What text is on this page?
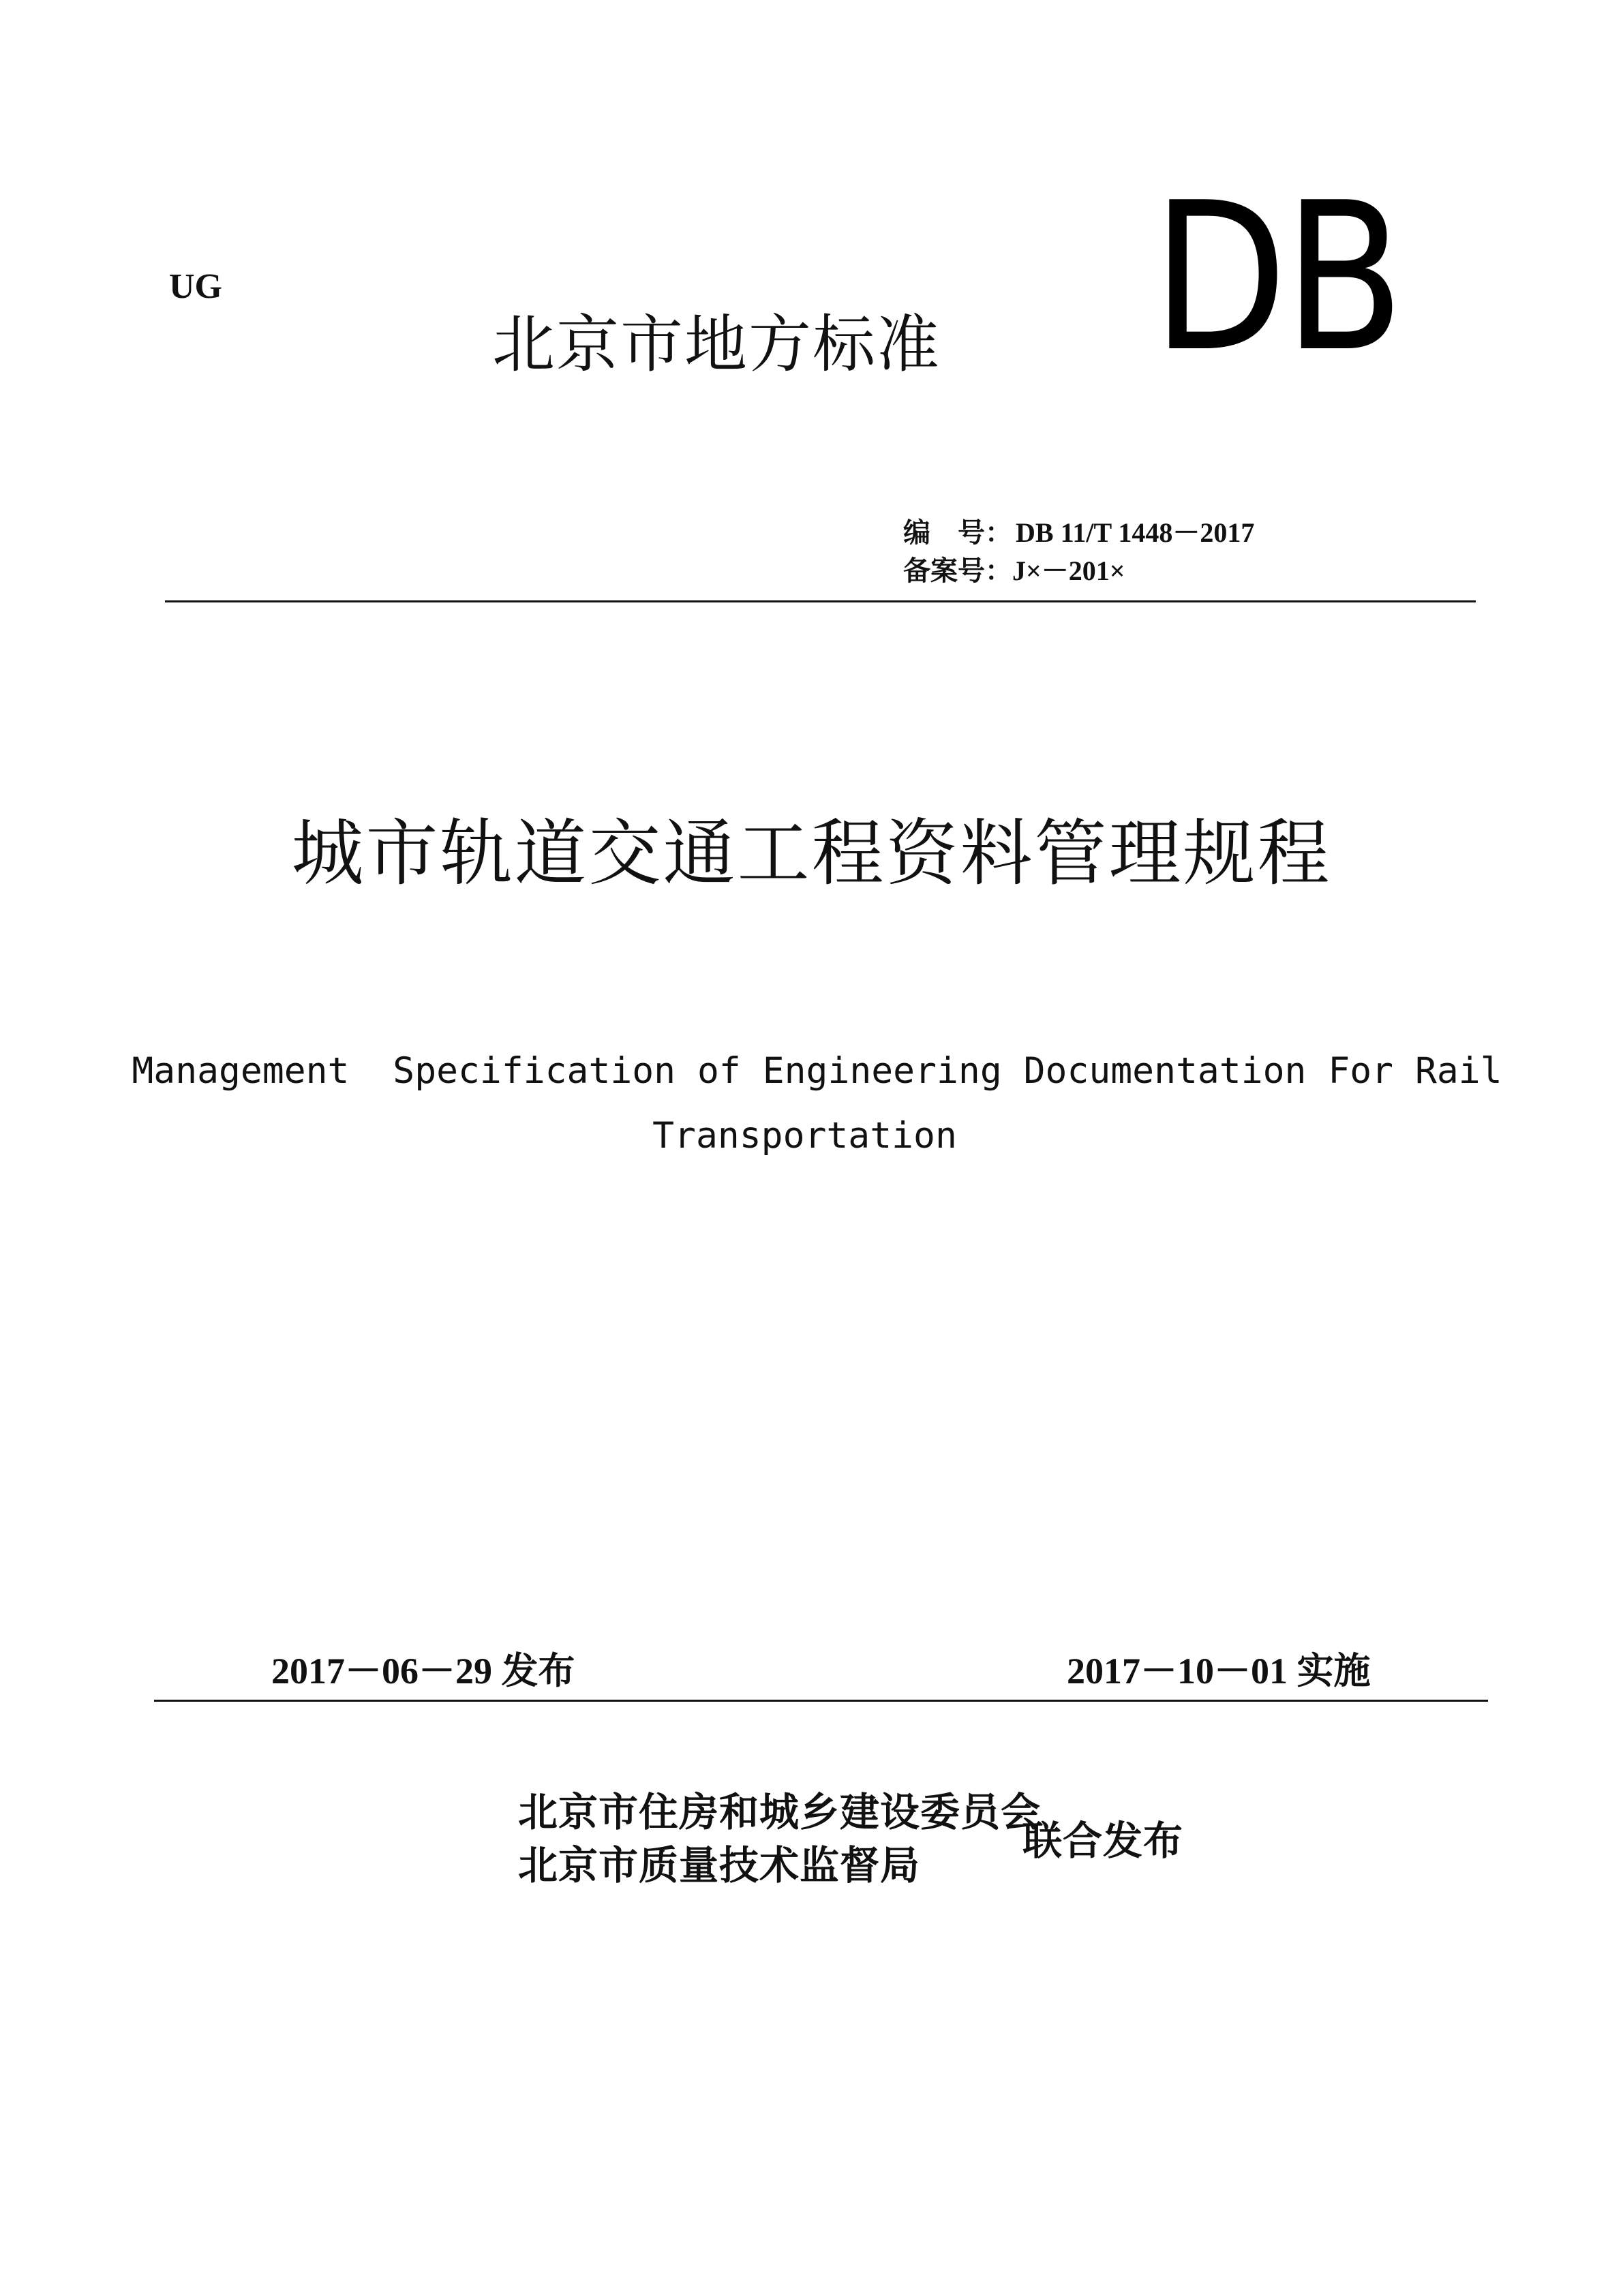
UG	DB
北京市地方标准
编　号： DB 11/T 1448－2017
备案号：J×－201×
城市轨道交通工程资料管理规程
Management  Specification of Engineering Documentation For Rail
Transportation
2017－06－29 发布	2017－10－01 实施
北京市住房和城乡建设委员会
北京市质量技术监督局
联合发布
